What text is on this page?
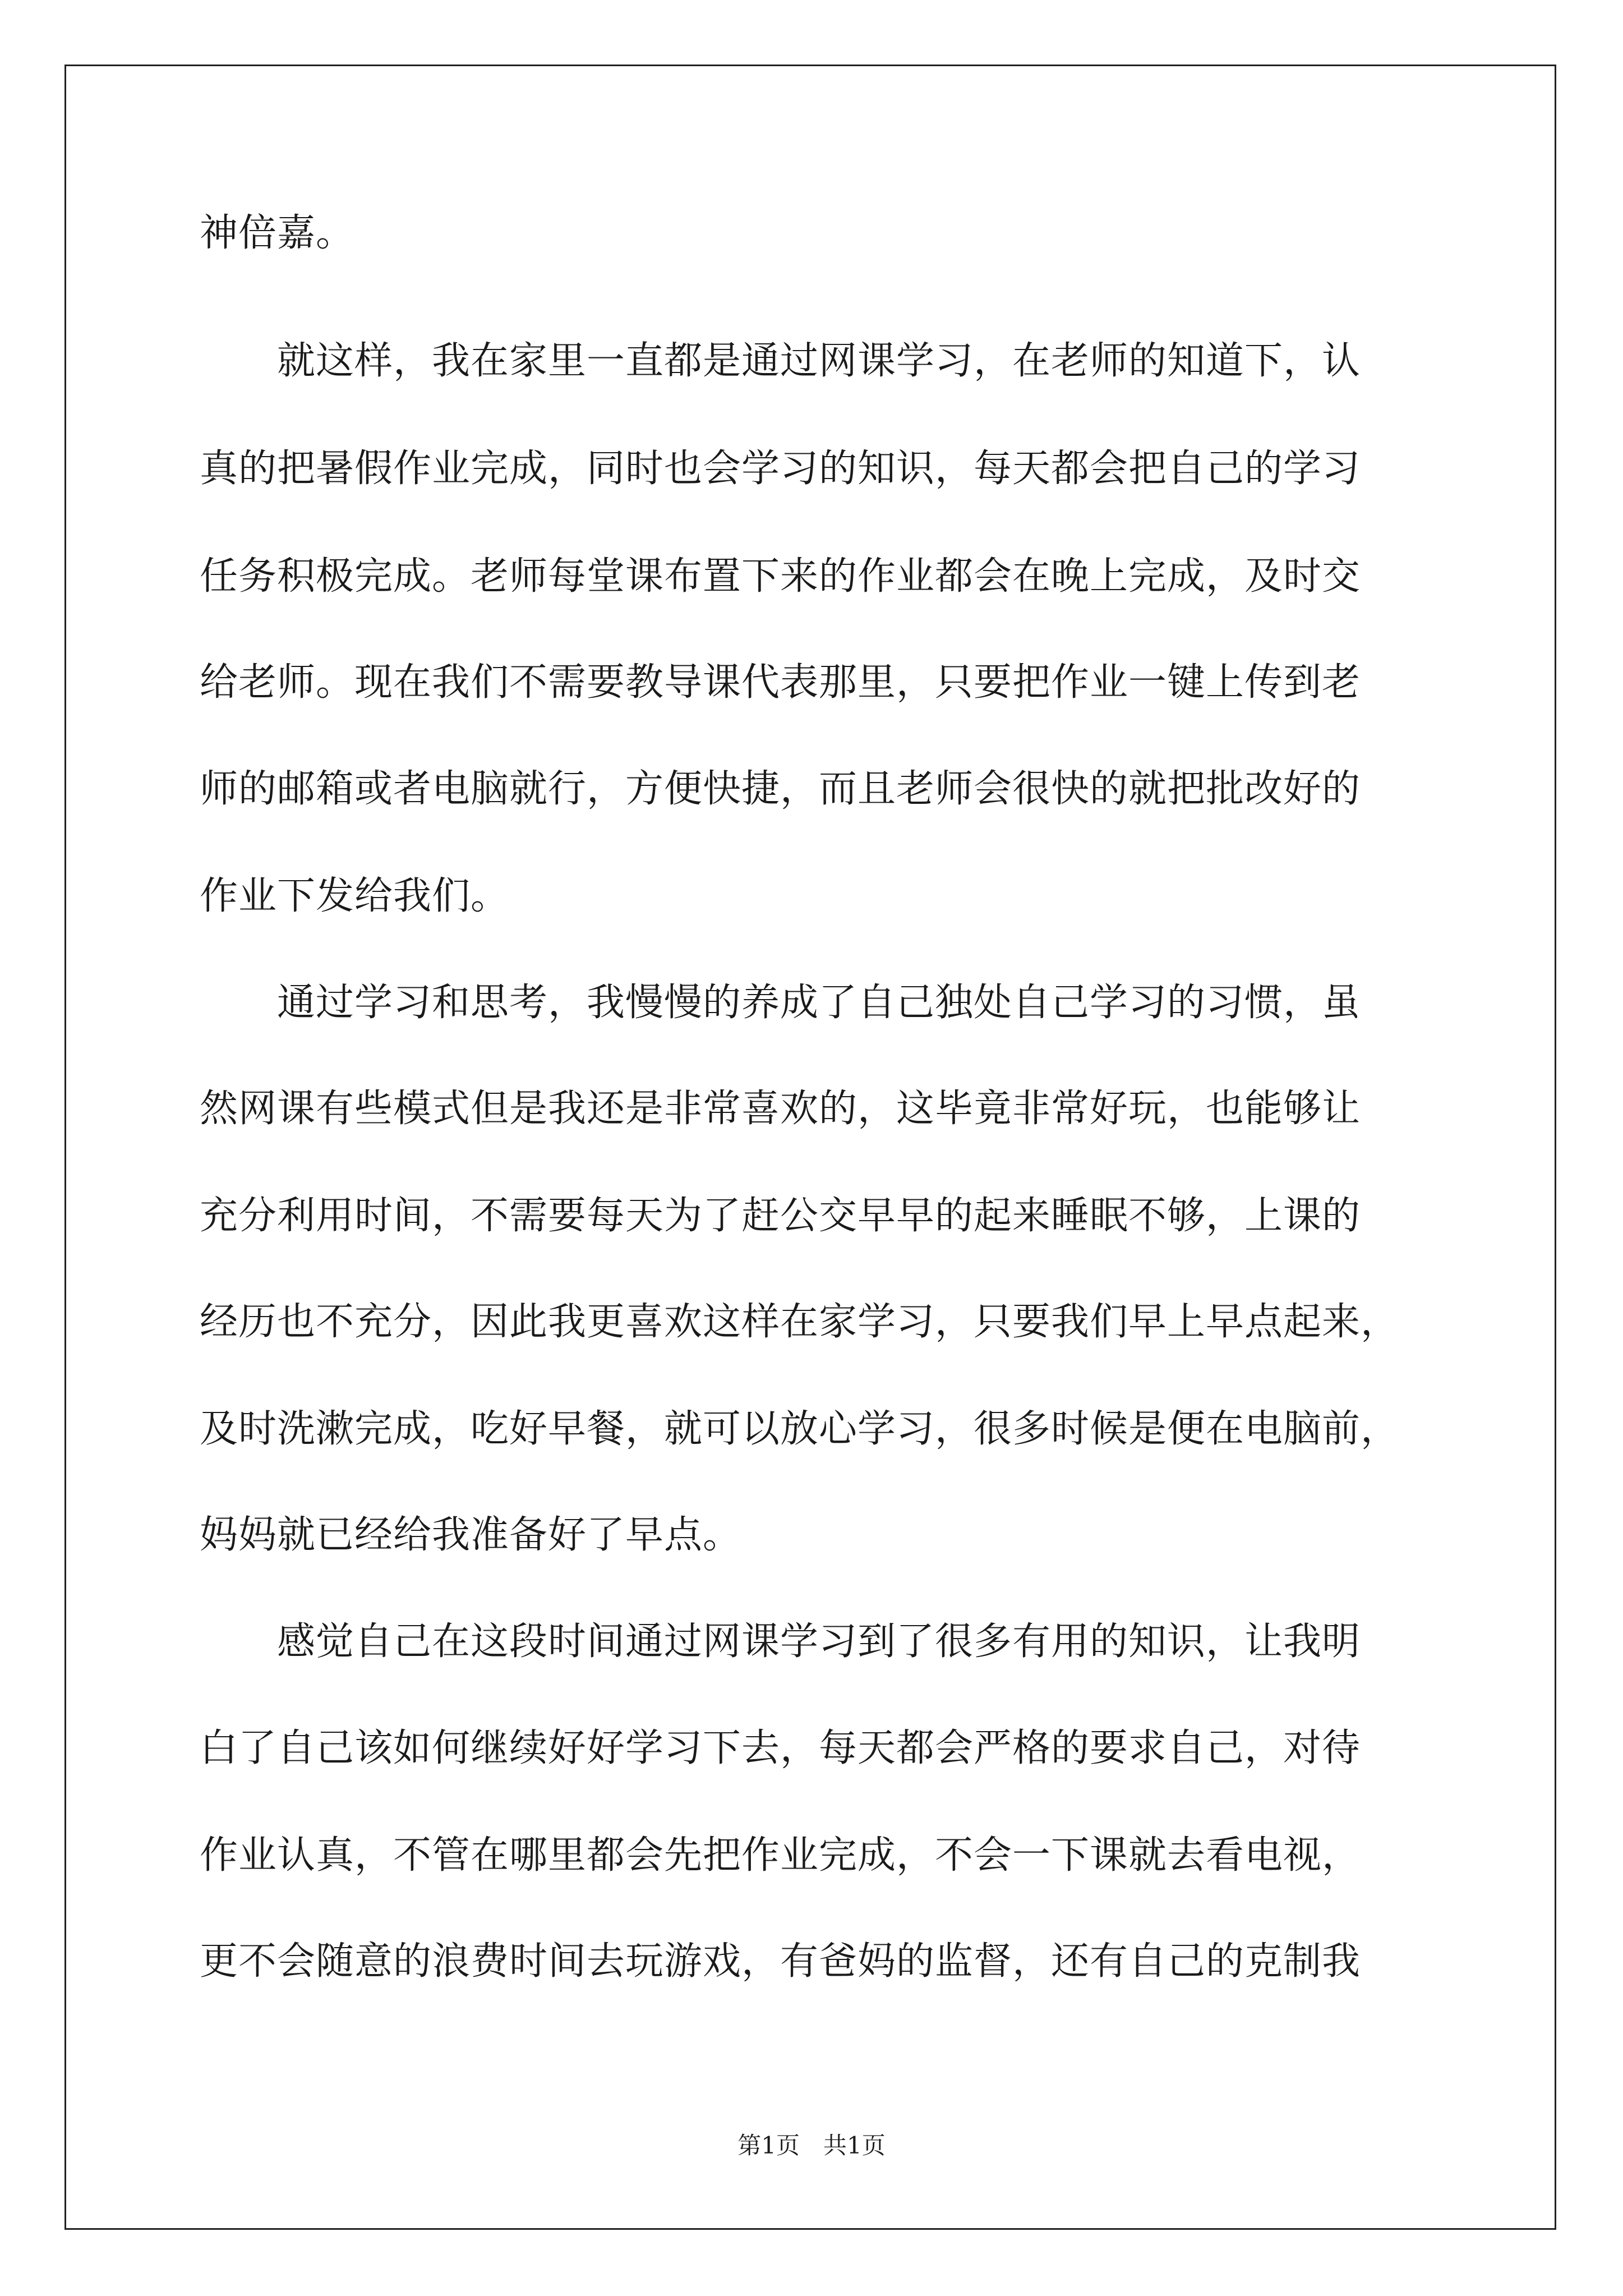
神倍嘉。
　　就这样，我在家里一直都是通过网课学习，在老师的知道下，认
真的把暑假作业完成，同时也会学习的知识，每天都会把自己的学习
任务积极完成。老师每堂课布置下来的作业都会在晚上完成，及时交
给老师。现在我们不需要教导课代表那里，只要把作业一键上传到老
师的邮箱或者电脑就行，方便快捷，而且老师会很快的就把批改好的
作业下发给我们。
　　通过学习和思考，我慢慢的养成了自己独处自己学习的习惯，虽
然网课有些模式但是我还是非常喜欢的，这毕竟非常好玩，也能够让
充分利用时间，不需要每天为了赶公交早早的起来睡眠不够，上课的
经历也不充分，因此我更喜欢这样在家学习，只要我们早上早点起来，
及时洗漱完成，吃好早餐，就可以放心学习，很多时候是便在电脑前，
妈妈就已经给我准备好了早点。
　　感觉自己在这段时间通过网课学习到了很多有用的知识，让我明
白了自己该如何继续好好学习下去，每天都会严格的要求自己，对待
作业认真，不管在哪里都会先把作业完成，不会一下课就去看电视，
更不会随意的浪费时间去玩游戏，有爸妈的监督，还有自己的克制我
第1页　共1页
